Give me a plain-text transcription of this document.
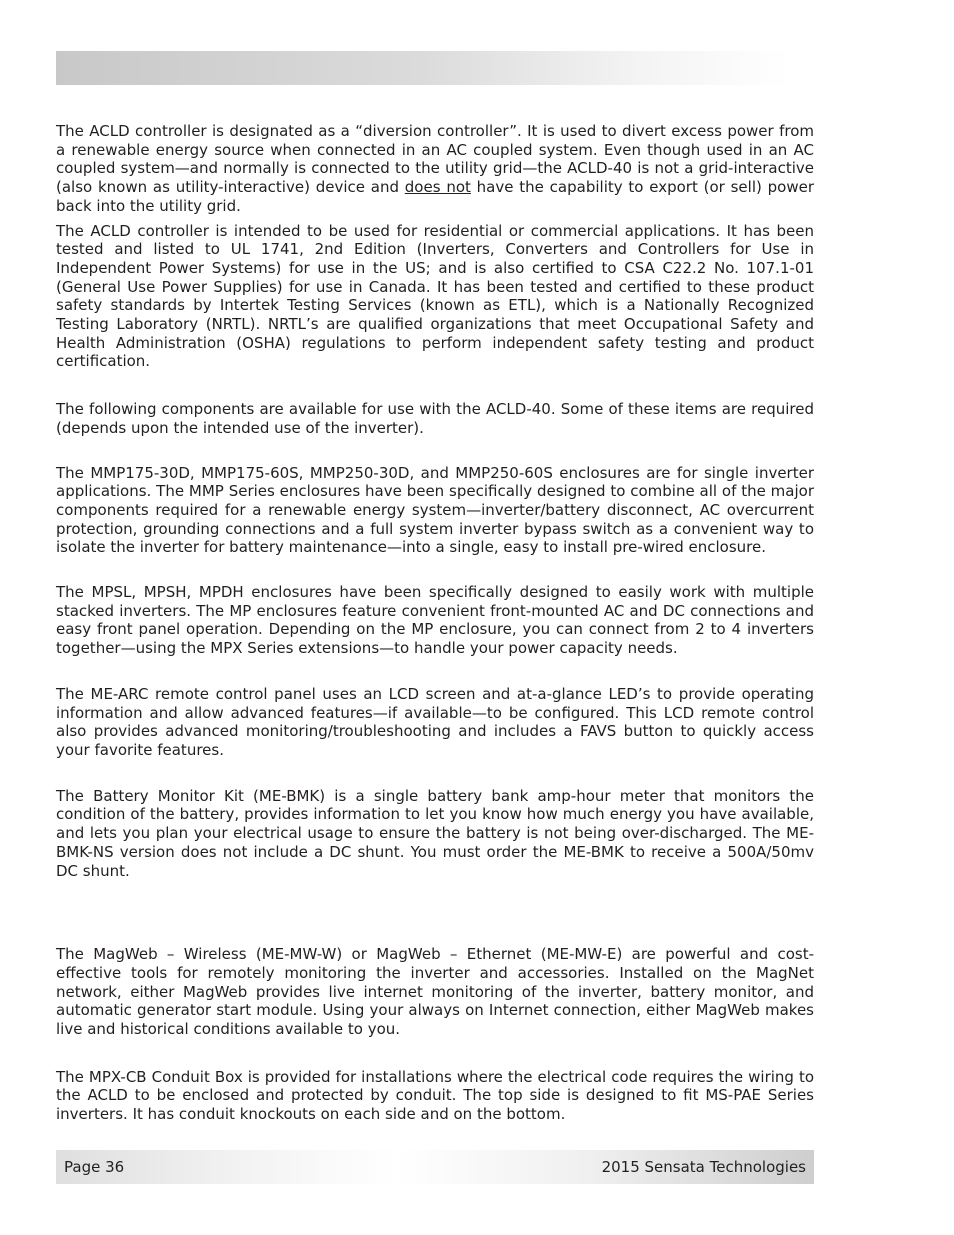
The ACLD controller is designated as a “diversion controller”. It is used to divert excess power from a renewable energy source when connected in an AC coupled system. Even though used in an AC coupled system—and normally is connected to the utility grid—the ACLD-40 is not a grid-interactive (also known as utility-interactive) device and does not have the capability to export (or sell) power back into the utility grid.

The ACLD controller is intended to be used for residential or commercial applications. It has been tested and listed to UL 1741, 2nd Edition (Inverters, Converters and Controllers for Use in Independent Power Systems) for use in the US; and is also certified to CSA C22.2 No. 107.1-01 (General Use Power Supplies) for use in Canada. It has been tested and certified to these product safety standards by Intertek Testing Services (known as ETL), which is a Nationally Recognized Testing Laboratory (NRTL). NRTL’s are qualified organizations that meet Occupational Safety and Health Administration (OSHA) regulations to perform independent safety testing and product certification.

The following components are available for use with the ACLD-40. Some of these items are required (depends upon the intended use of the inverter).

The MMP175-30D, MMP175-60S, MMP250-30D, and MMP250-60S enclosures are for single inverter applications. The MMP Series enclosures have been specifically designed to combine all of the major components required for a renewable energy system—inverter/battery disconnect, AC overcurrent protection, grounding connections and a full system inverter bypass switch as a convenient way to isolate the inverter for battery maintenance—into a single, easy to install pre-wired enclosure.

The MPSL, MPSH, MPDH enclosures have been specifically designed to easily work with multiple stacked inverters. The MP enclosures feature convenient front-mounted AC and DC connections and easy front panel operation. Depending on the MP enclosure, you can connect from 2 to 4 inverters together—using the MPX Series extensions—to handle your power capacity needs.

The ME-ARC remote control panel uses an LCD screen and at-a-glance LED’s to provide operating information and allow advanced features—if available—to be configured. This LCD remote control also provides advanced monitoring/troubleshooting and includes a FAVS button to quickly access your favorite features.

The Battery Monitor Kit (ME-BMK) is a single battery bank amp-hour meter that monitors the condition of the battery, provides information to let you know how much energy you have available, and lets you plan your electrical usage to ensure the battery is not being over-discharged. The ME-BMK-NS version does not include a DC shunt. You must order the ME-BMK to receive a 500A/50mv DC shunt.

The MagWeb – Wireless (ME-MW-W) or MagWeb – Ethernet (ME-MW-E) are powerful and cost-effective tools for remotely monitoring the inverter and accessories. Installed on the MagNet network, either MagWeb provides live internet monitoring of the inverter, battery monitor, and automatic generator start module. Using your always on Internet connection, either MagWeb makes live and historical conditions available to you.

The MPX-CB Conduit Box is provided for installations where the electrical code requires the wiring to the ACLD to be enclosed and protected by conduit. The top side is designed to fit MS-PAE Series inverters. It has conduit knockouts on each side and on the bottom.

Page 36	2015 Sensata Technologies
